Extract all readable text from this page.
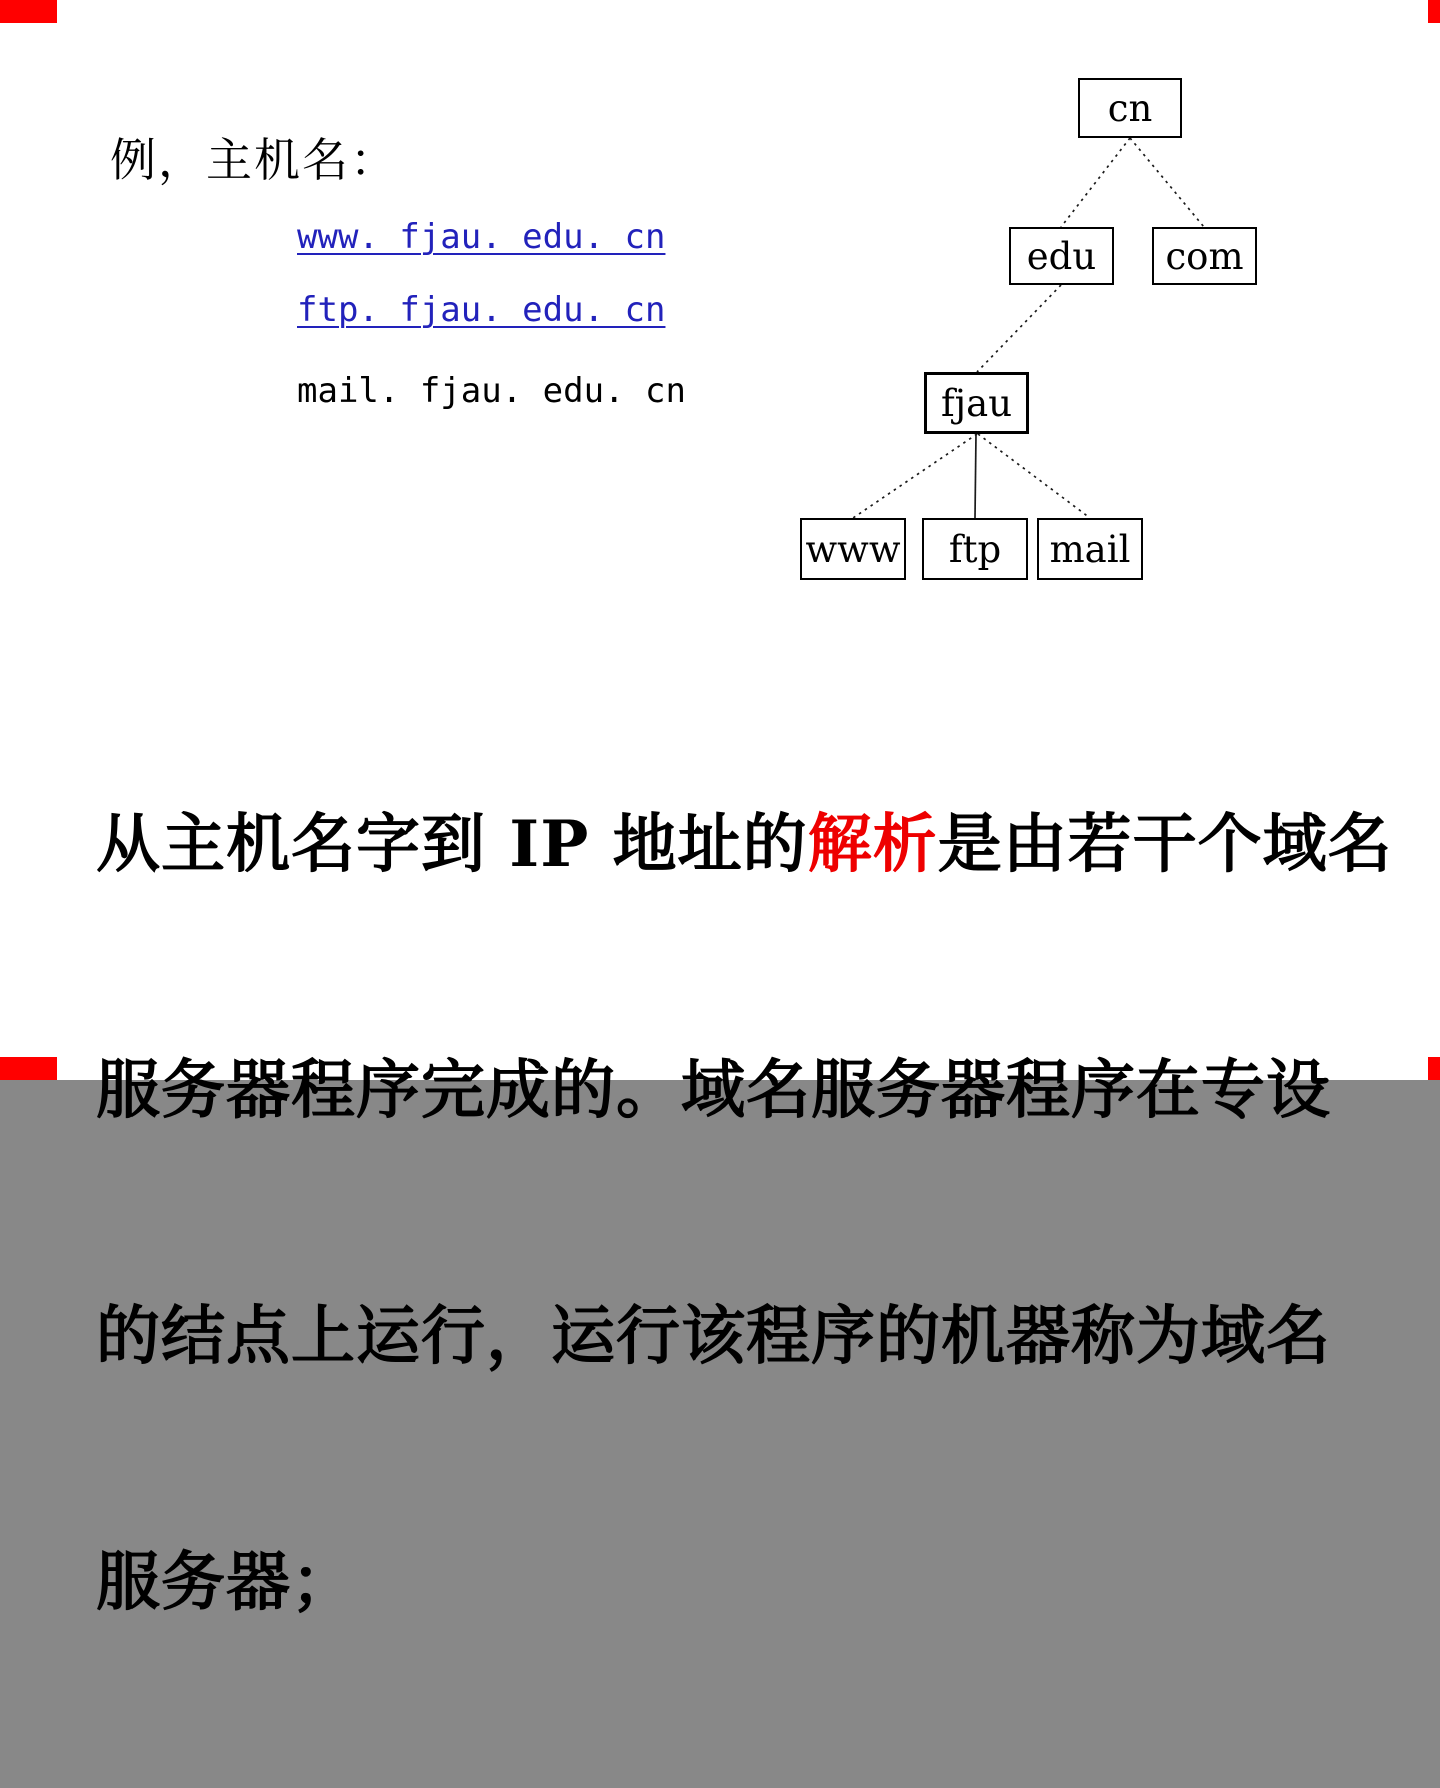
例，主机名：
www. fjau. edu. cn
ftp. fjau. edu. cn
mail. fjau. edu. cn
cn
edu com
fjau
www ftp mail

从主机名字到 IP 地址的解析是由若干个域名

服务器程序完成的。域名服务器程序在专设

的结点上运行，运行该程序的机器称为域名

服务器；
